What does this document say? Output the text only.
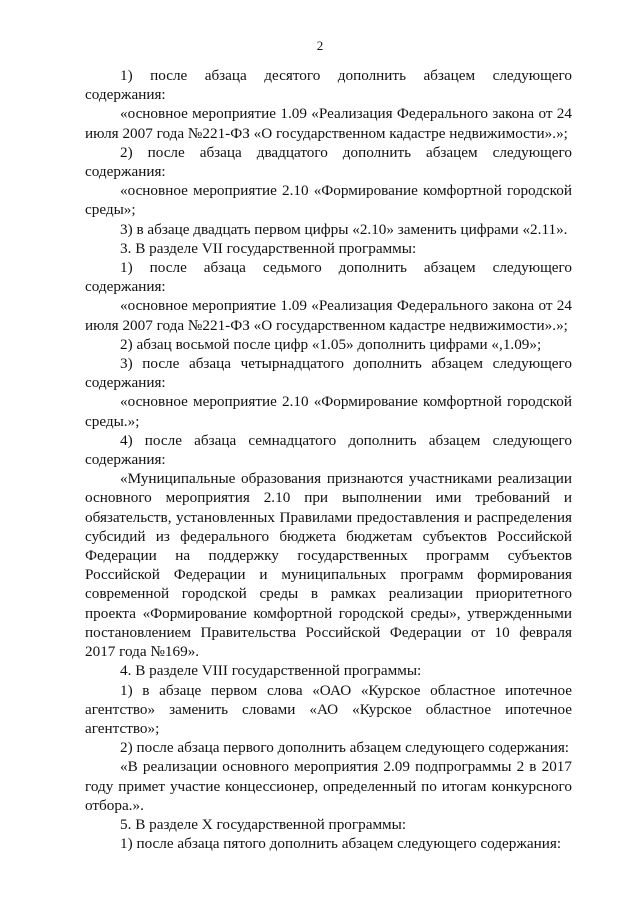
2

1) после абзаца десятого дополнить абзацем следующего содержания:

«основное мероприятие 1.09 «Реализация Федерального закона от 24 июля 2007 года №221-ФЗ «О государственном кадастре недвижимости».»;

2) после абзаца двадцатого дополнить абзацем следующего содержания:

«основное мероприятие 2.10 «Формирование комфортной городской среды»;

3) в абзаце двадцать первом цифры «2.10» заменить цифрами «2.11».

3. В разделе VII государственной программы:

1) после абзаца седьмого дополнить абзацем следующего содержания:

«основное мероприятие 1.09 «Реализация Федерального закона от 24 июля 2007 года №221-ФЗ «О государственном кадастре недвижимости».»;

2) абзац восьмой после цифр «1.05» дополнить цифрами «,1.09»;

3) после абзаца четырнадцатого дополнить абзацем следующего содержания:

«основное мероприятие 2.10 «Формирование комфортной городской среды.»;

4) после абзаца семнадцатого дополнить абзацем следующего содержания:

«Муниципальные образования признаются участниками реализации основного мероприятия 2.10 при выполнении ими требований и обязательств, установленных Правилами предоставления и распределения субсидий из федерального бюджета бюджетам субъектов Российской Федерации на поддержку государственных программ субъектов Российской Федерации и муниципальных программ формирования современной городской среды в рамках реализации приоритетного проекта «Формирование комфортной городской среды», утвержденными постановлением Правительства Российской Федерации от 10 февраля 2017 года №169».

4. В разделе VIII государственной программы:

1) в абзаце первом слова «ОАО «Курское областное ипотечное агентство» заменить словами «АО «Курское областное ипотечное агентство»;

2) после абзаца первого дополнить абзацем следующего содержания:

«В реализации основного мероприятия 2.09 подпрограммы 2 в 2017 году примет участие концессионер, определенный по итогам конкурсного отбора.».

5. В разделе X государственной программы:

1) после абзаца пятого дополнить абзацем следующего содержания:
